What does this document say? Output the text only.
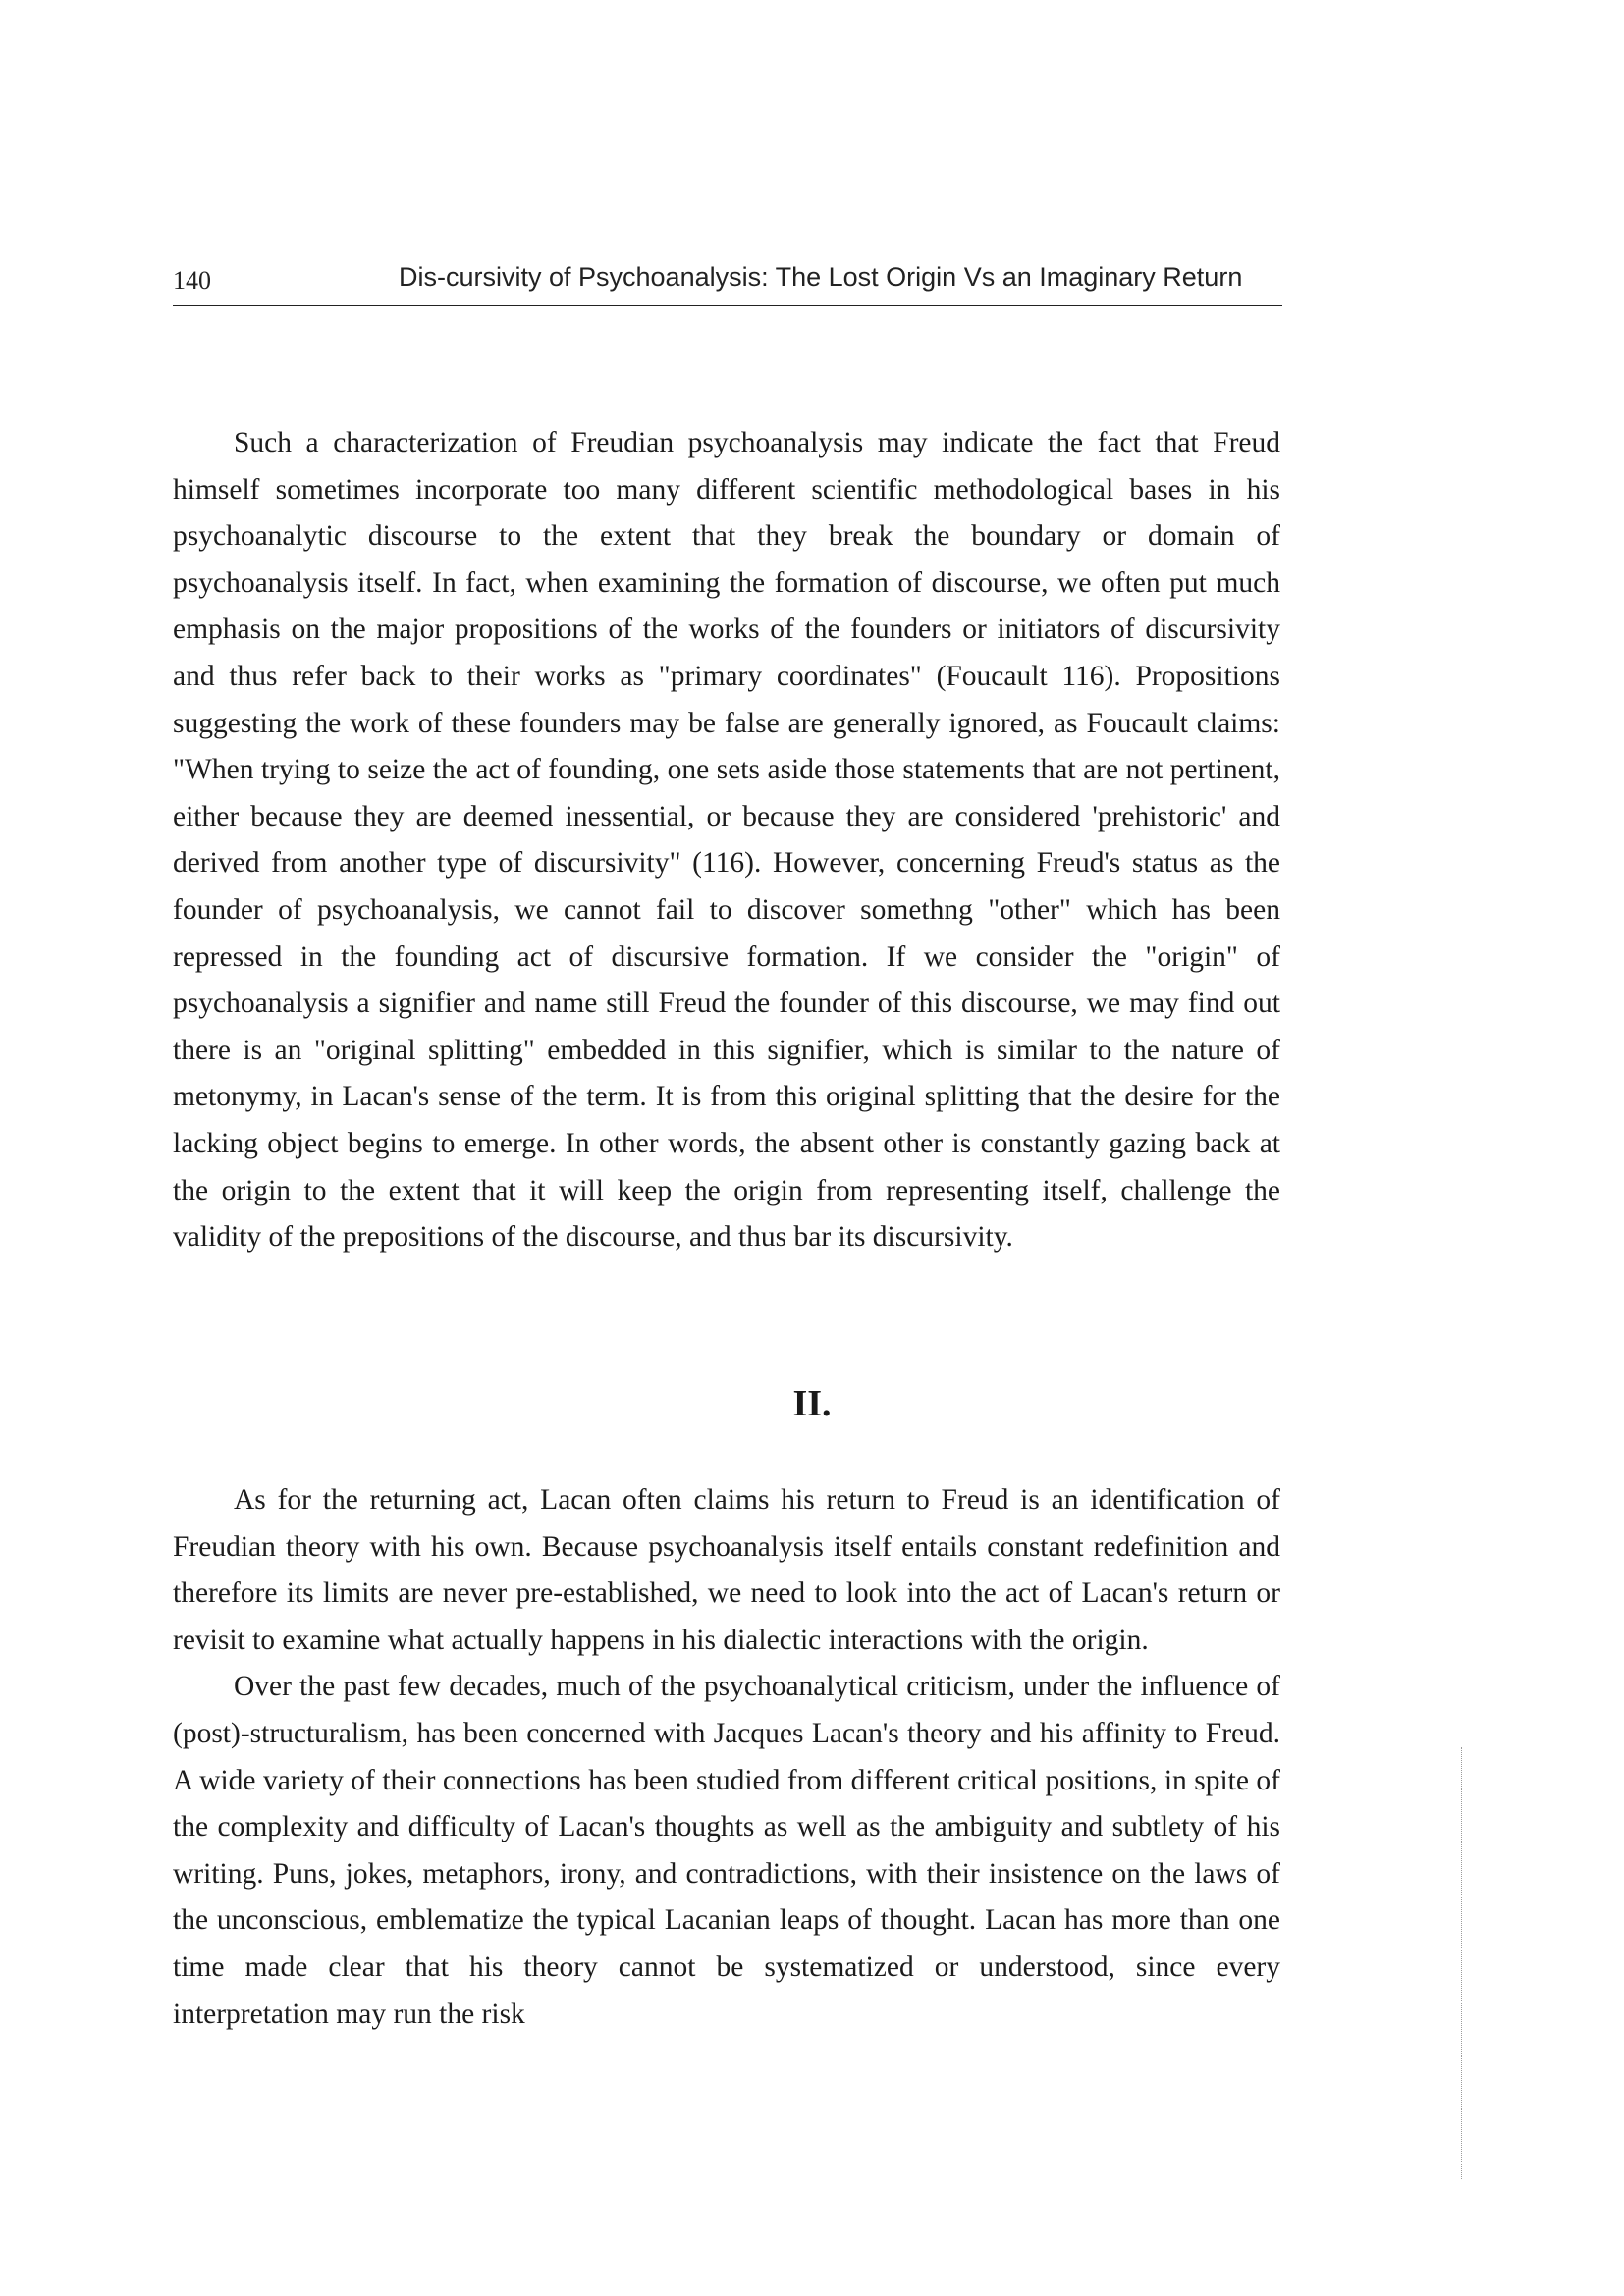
140	Dis-cursivity of Psychoanalysis: The Lost Origin Vs an Imaginary Return

Such a characterization of Freudian psychoanalysis may indicate the fact that Freud himself sometimes incorporate too many different scientific methodological bases in his psychoanalytic discourse to the extent that they break the boundary or domain of psychoanalysis itself. In fact, when examining the formation of discourse, we often put much emphasis on the major propositions of the works of the founders or initiators of discursivity and thus refer back to their works as "primary coordinates" (Foucault 116). Propositions suggesting the work of these founders may be false are generally ignored, as Foucault claims: "When trying to seize the act of founding, one sets aside those statements that are not pertinent, either because they are deemed inessential, or because they are considered 'prehistoric' and derived from another type of discursivity" (116). However, concerning Freud's status as the founder of psychoanalysis, we cannot fail to discover somethng "other" which has been repressed in the founding act of discursive formation. If we consider the "origin" of psychoanalysis a signifier and name still Freud the founder of this discourse, we may find out there is an "original splitting" embedded in this signifier, which is similar to the nature of metonymy, in Lacan's sense of the term. It is from this original splitting that the desire for the lacking object begins to emerge. In other words, the absent other is constantly gazing back at the origin to the extent that it will keep the origin from representing itself, challenge the validity of the prepositions of the discourse, and thus bar its discursivity.

II.

As for the returning act, Lacan often claims his return to Freud is an identification of Freudian theory with his own. Because psychoanalysis itself entails constant redefinition and therefore its limits are never pre-established, we need to look into the act of Lacan's return or revisit to examine what actually happens in his dialectic interactions with the origin.

Over the past few decades, much of the psychoanalytical criticism, under the influence of (post)-structuralism, has been concerned with Jacques Lacan's theory and his affinity to Freud. A wide variety of their connections has been studied from different critical positions, in spite of the complexity and difficulty of Lacan's thoughts as well as the ambiguity and subtlety of his writing. Puns, jokes, metaphors, irony, and contradictions, with their insistence on the laws of the unconscious, emblematize the typical Lacanian leaps of thought. Lacan has more than one time made clear that his theory cannot be systematized or understood, since every interpretation may run the risk
